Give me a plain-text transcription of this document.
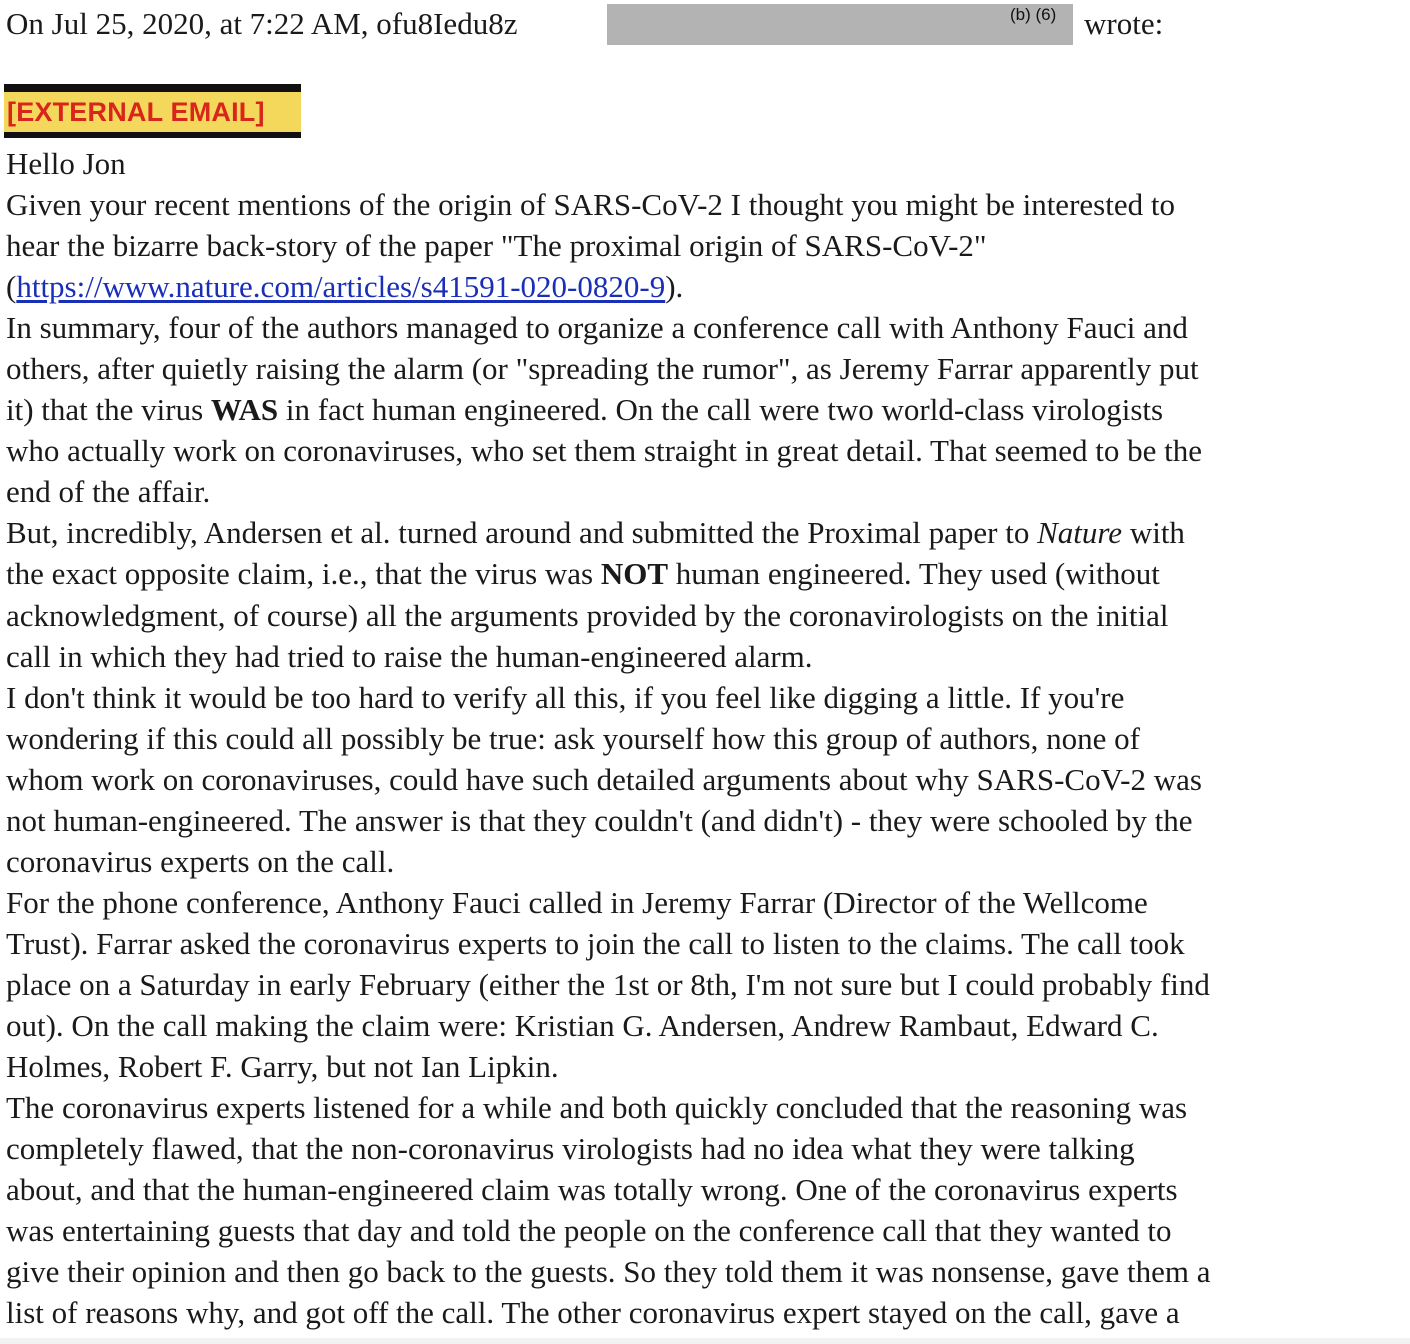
On Jul 25, 2020, at 7:22 AM, ofu8Iedu8z	(b) (6) wrote:
[EXTERNAL EMAIL]
Hello Jon
Given your recent mentions of the origin of SARS-CoV-2 I thought you might be interested to
hear the bizarre back-story of the paper "The proximal origin of SARS-CoV-2"
(https://www.nature.com/articles/s41591-020-0820-9).
In summary, four of the authors managed to organize a conference call with Anthony Fauci and
others, after quietly raising the alarm (or "spreading the rumor", as Jeremy Farrar apparently put
it) that the virus WAS in fact human engineered. On the call were two world-class virologists
who actually work on coronaviruses, who set them straight in great detail. That seemed to be the
end of the affair.
But, incredibly, Andersen et al. turned around and submitted the Proximal paper to Nature with
the exact opposite claim, i.e., that the virus was NOT human engineered. They used (without
acknowledgment, of course) all the arguments provided by the coronavirologists on the initial
call in which they had tried to raise the human-engineered alarm.
I don't think it would be too hard to verify all this, if you feel like digging a little. If you're
wondering if this could all possibly be true: ask yourself how this group of authors, none of
whom work on coronaviruses, could have such detailed arguments about why SARS-CoV-2 was
not human-engineered. The answer is that they couldn't (and didn't) - they were schooled by the
coronavirus experts on the call.
For the phone conference, Anthony Fauci called in Jeremy Farrar (Director of the Wellcome
Trust). Farrar asked the coronavirus experts to join the call to listen to the claims. The call took
place on a Saturday in early February (either the 1st or 8th, I'm not sure but I could probably find
out). On the call making the claim were: Kristian G. Andersen, Andrew Rambaut, Edward C.
Holmes, Robert F. Garry, but not Ian Lipkin.
The coronavirus experts listened for a while and both quickly concluded that the reasoning was
completely flawed, that the non-coronavirus virologists had no idea what they were talking
about, and that the human-engineered claim was totally wrong. One of the coronavirus experts
was entertaining guests that day and told the people on the conference call that they wanted to
give their opinion and then go back to the guests. So they told them it was nonsense, gave them a
list of reasons why, and got off the call. The other coronavirus expert stayed on the call, gave a
